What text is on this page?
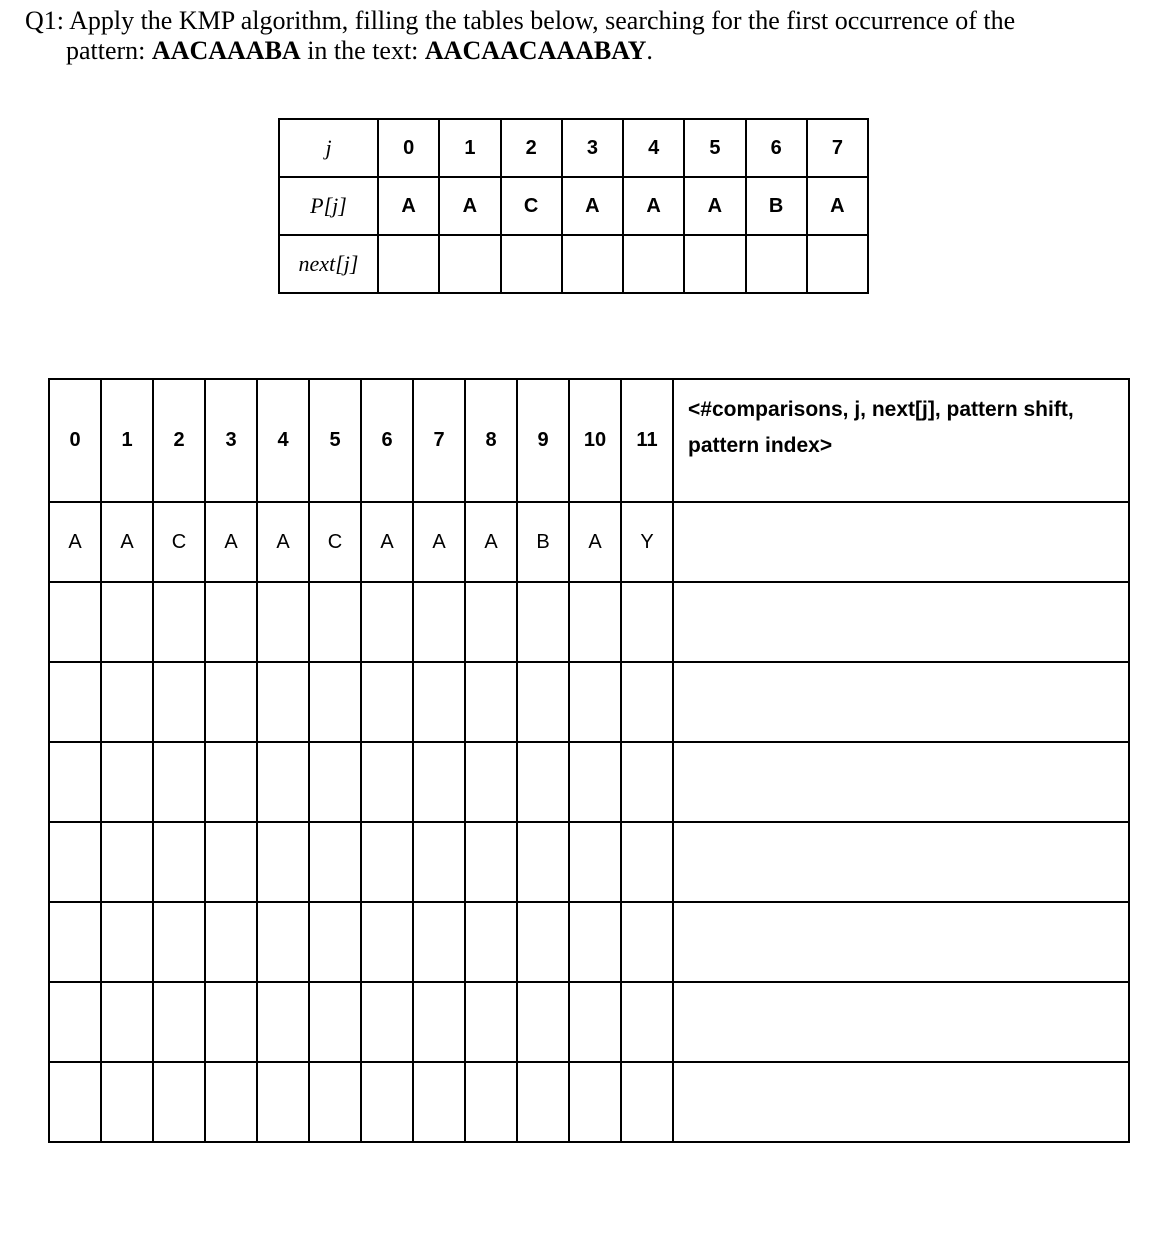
Q1: Apply the KMP algorithm, filling the tables below, searching for the first occurrence of the
pattern: AACAAABA in the text: AACAACAAABAY.
j	0	1	2	3	4	5	6	7
P[j]	A	A	C	A	A	A	B	A
next[j]								
0	1	2	3	4	5	6	7	8	9	10	11	<#comparisons, j, next[j], pattern shift, pattern index>
A	A	C	A	A	C	A	A	A	B	A	Y	
